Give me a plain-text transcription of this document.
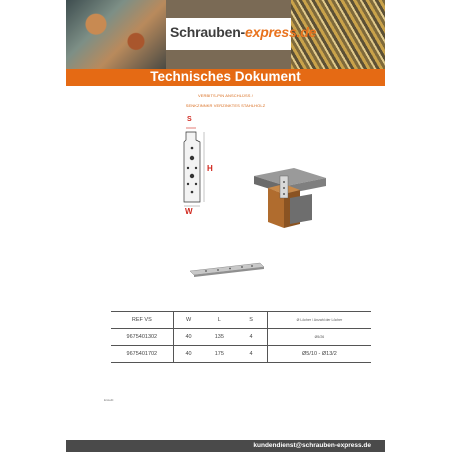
Schrauben-express.de
Technisches Dokument
VERBITS-PIN ANSCHLÜSS /
SENKZINNKR VERZINKTES STAHLHOLZ
S
H
W
REF VS	W	L	S	Ø Löcher / Anzahl der Löcher
9675401302	40	135	4	Ø5/26
9675401702	40	175	4	Ø5/10 - Ø13/2
Erstellt:
kundendienst@schrauben-express.de
